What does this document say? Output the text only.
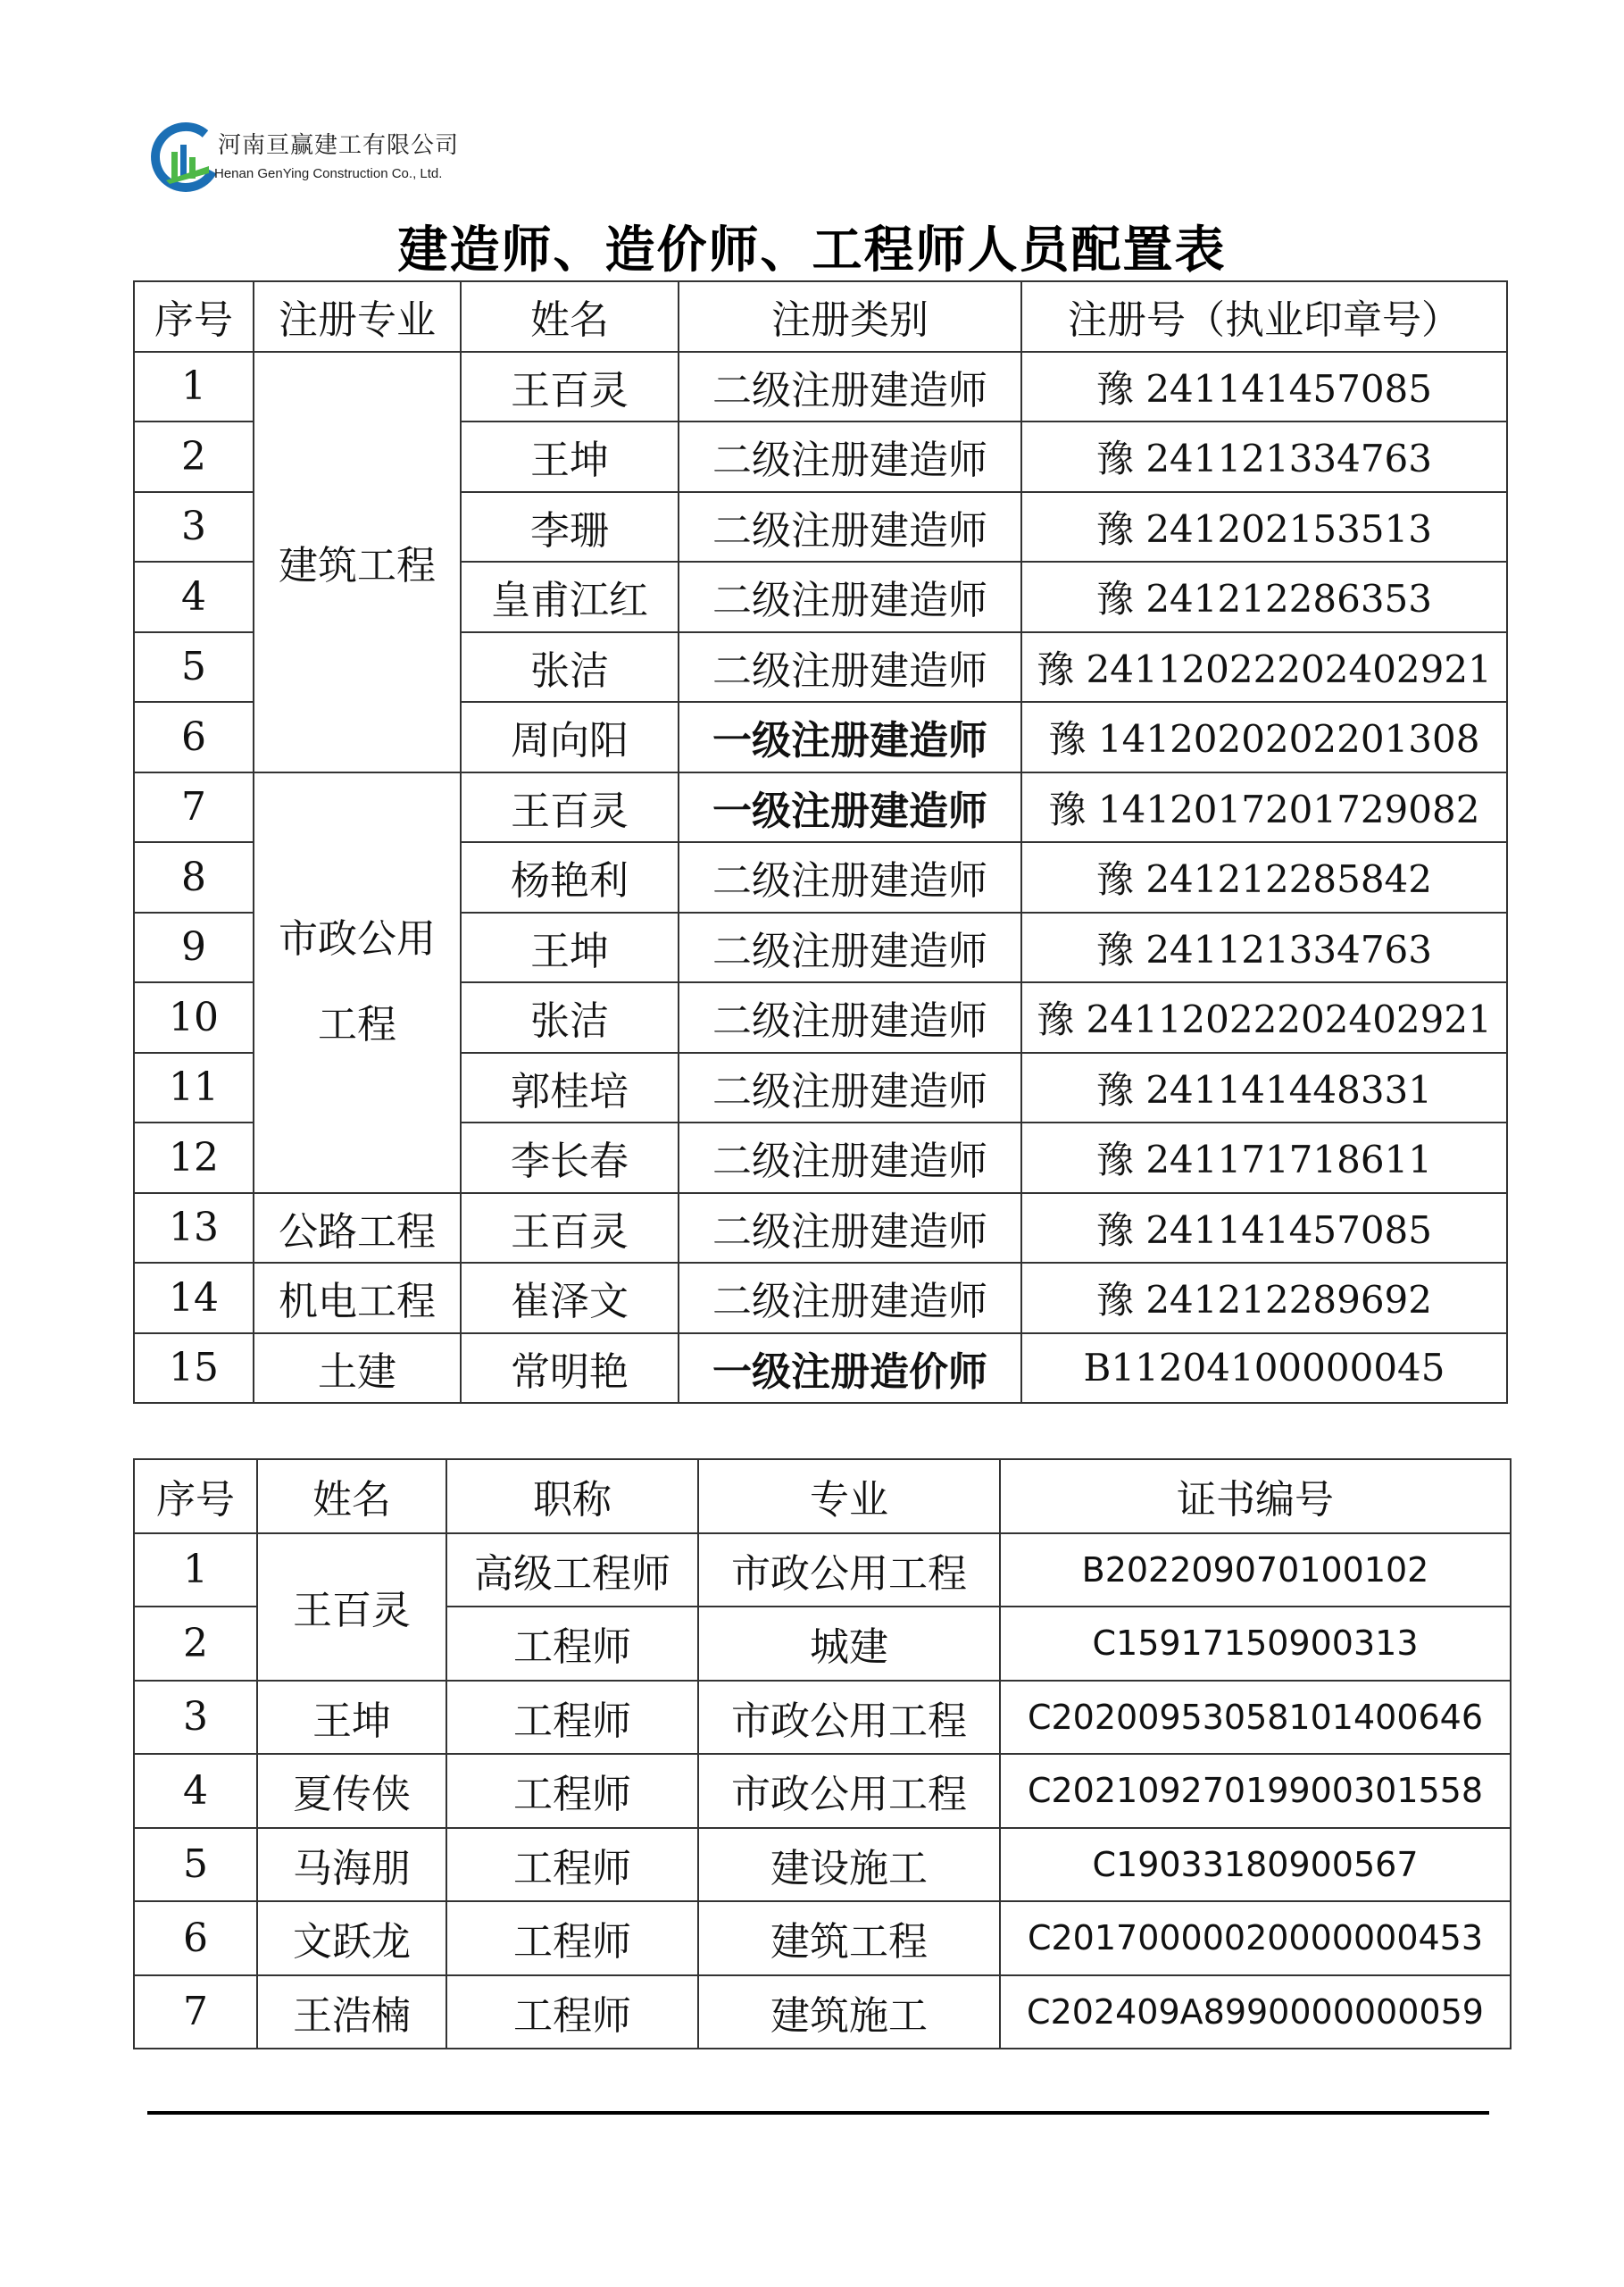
河南亘赢建工有限公司
Henan GenYing Construction Co., Ltd.
建造师、造价师、工程师人员配置表
序号	注册专业	姓名	注册类别	注册号（执业印章号）
1	建筑工程	王百灵	二级注册建造师	豫 241141457085
2		王坤	二级注册建造师	豫 241121334763
3		李珊	二级注册建造师	豫 241202153513
4		皇甫江红	二级注册建造师	豫 241212286353
5		张洁	二级注册建造师	豫 24112022202402921
6		周向阳	一级注册建造师	豫 1412020202201308
7	市政公用工程	王百灵	一级注册建造师	豫 1412017201729082
8		杨艳利	二级注册建造师	豫 241212285842
9		王坤	二级注册建造师	豫 241121334763
10		张洁	二级注册建造师	豫 24112022202402921
11		郭桂培	二级注册建造师	豫 241141448331
12		李长春	二级注册建造师	豫 241171718611
13	公路工程	王百灵	二级注册建造师	豫 241141457085
14	机电工程	崔泽文	二级注册建造师	豫 241212289692
15	土建	常明艳	一级注册造价师	B11204100000045
序号	姓名	职称	专业	证书编号
1	王百灵	高级工程师	市政公用工程	B202209070100102
2		工程师	城建	C15917150900313
3	王坤	工程师	市政公用工程	C2020095305810140064​6
4	夏传侠	工程师	市政公用工程	C2021092701990030155​8
5	马海朋	工程师	建设施工	C19033180900567
6	文跃龙	工程师	建筑工程	C2017000002000000045​3
7	王浩楠	工程师	建筑施工	C202409A899000000005​9
